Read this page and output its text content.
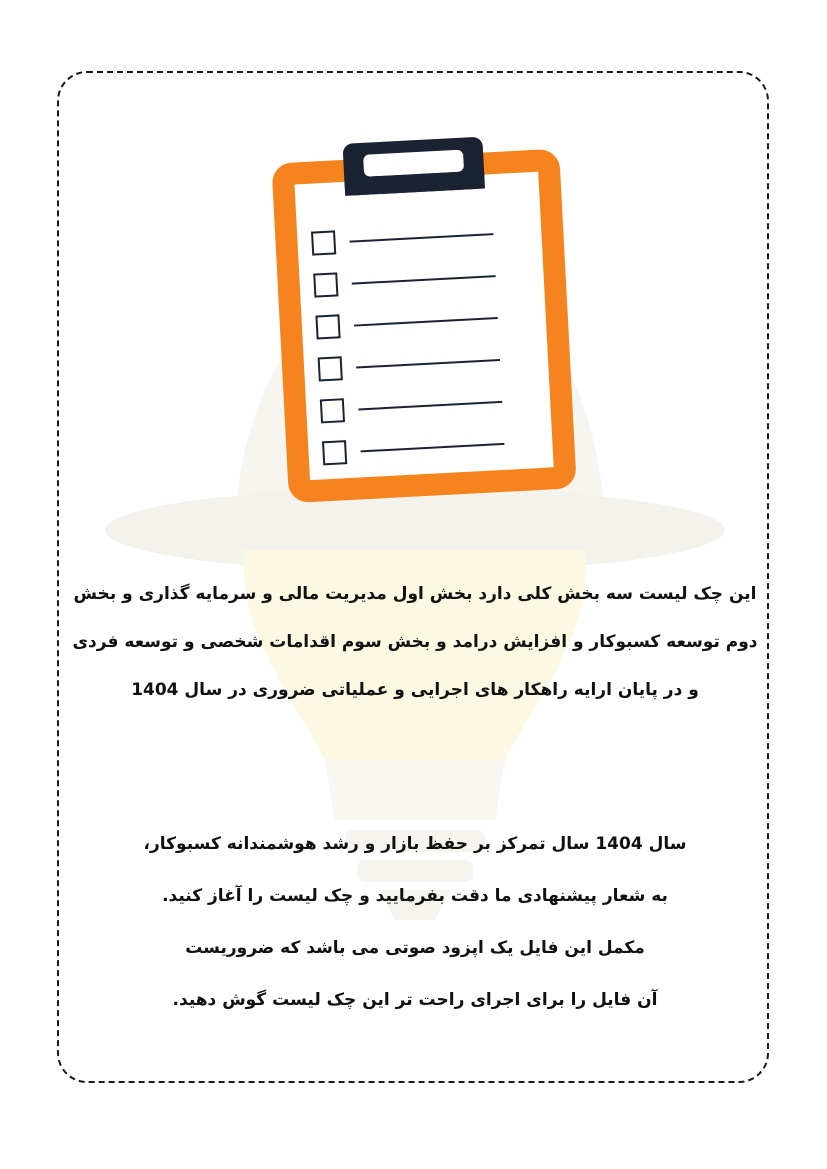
این چک لیست سه بخش کلی دارد بخش اول مدیریت مالی و سرمایه گذاری و بخش
دوم توسعه کسبوکار و افزایش درامد و بخش سوم اقدامات شخصی و توسعه فردی
و در پایان ارایه راهکار های اجرایی و عملیاتی ضروری در سال 1404

سال 1404 سال تمرکز بر حفظ بازار و رشد هوشمندانه کسبوکار،
به شعار پیشنهادی ما دقت بفرمایید و چک لیست را آغاز کنید.
مکمل این فایل یک اپزود صوتی می باشد که ضروریست
آن فایل را برای اجرای راحت تر این چک لیست گوش دهید.
